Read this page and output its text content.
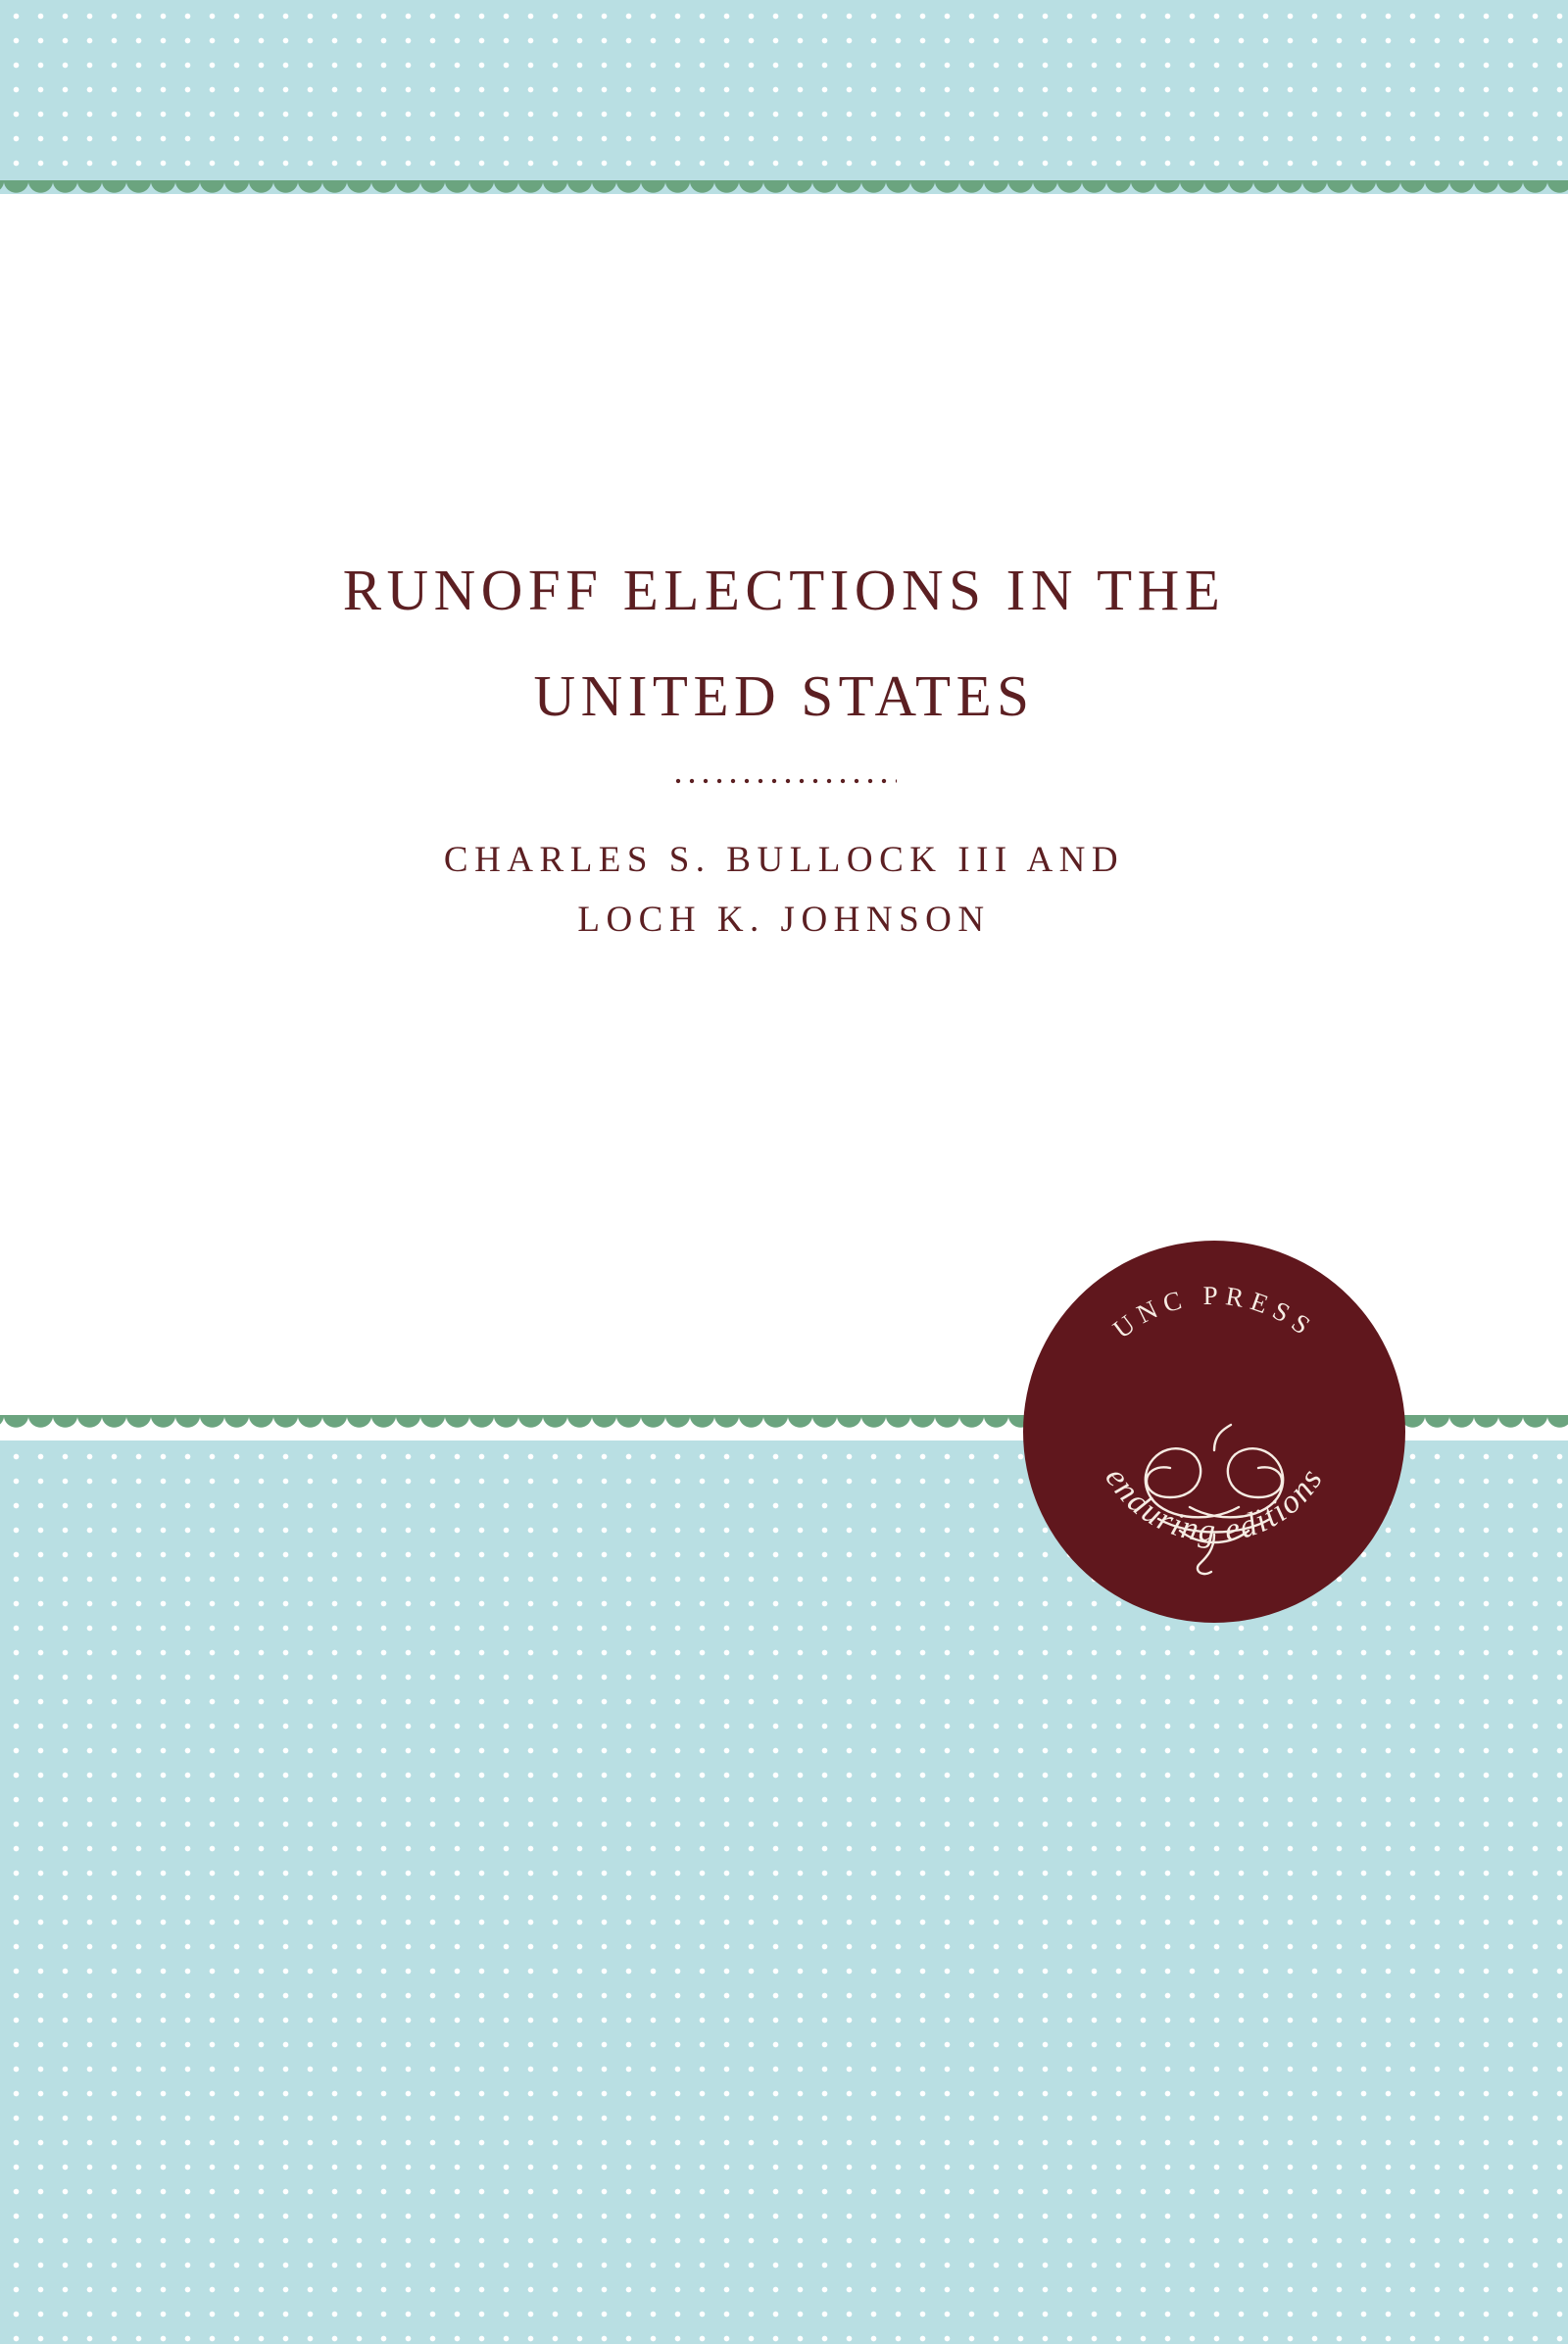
RUNOFF ELECTIONS IN THE
UNITED STATES
CHARLES S. BULLOCK III AND
LOCH K. JOHNSON
UNC PRESS
enduring editions
